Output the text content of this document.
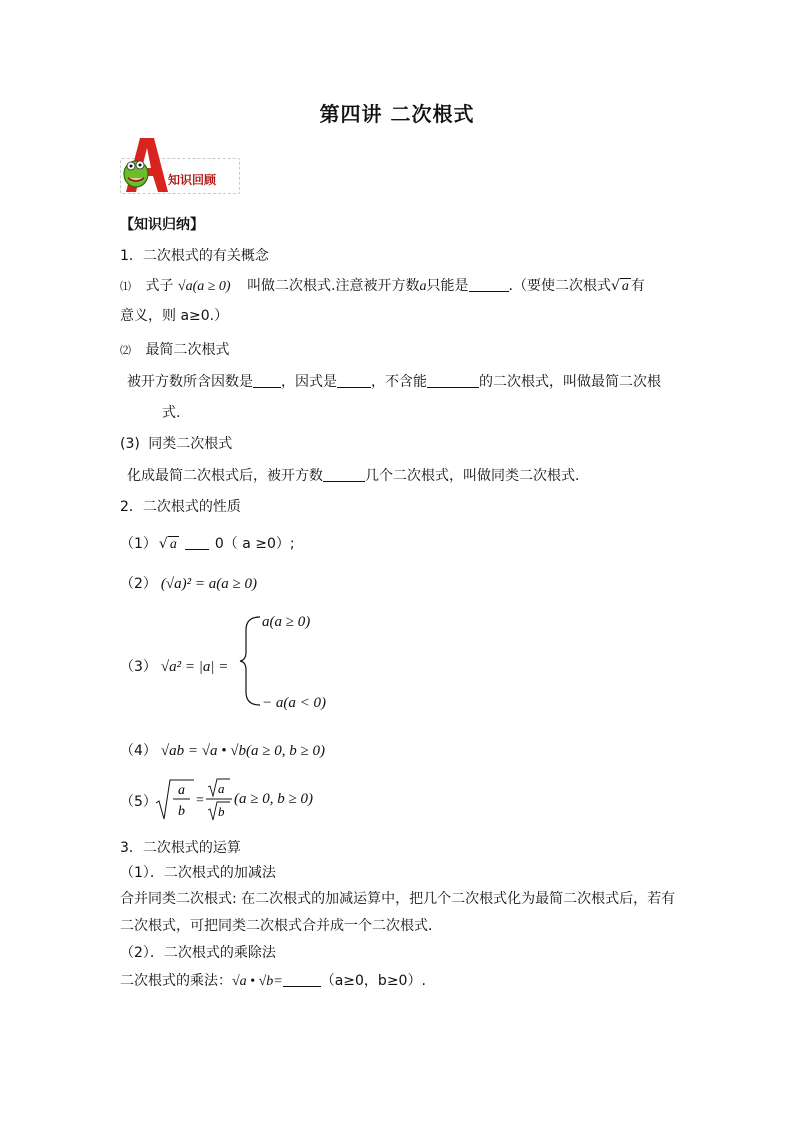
第四讲 二次根式
知识回顾
【知识归纳】
1．二次根式的有关概念
⑴ 式子 √a(a ≥ 0) 叫做二次根式.注意被开方数a只能是	.（要使二次根式√ a 有
意义，则 a≥0.）
⑵ 最简二次根式
被开方数所含因数是 ，因式是 ，不含能	的二次根式，叫做最简二次根
式.
(3) 同类二次根式
化成最简二次根式后，被开方数	几个二次根式，叫做同类二次根式.
2．二次根式的性质
（1） √ a	0（ a ≥0）;
（2） (√a)² = a(a ≥ 0)
（3） √a² = |a| =
a(a ≥ 0)
− a(a < 0)
（4） √ab = √a • √b(a ≥ 0, b ≥ 0)
（5）
a
b
=
a
b
(a ≥ 0, b ≥ 0)
3．二次根式的运算
（1）．二次根式的加减法
合并同类二次根式: 在二次根式的加减运算中，把几个二次根式化为最简二次根式后，若有
二次根式，可把同类二次根式合并成一个二次根式．
（2）．二次根式的乘除法
二次根式的乘法：√a • √b=	（a≥0，b≥0）.
